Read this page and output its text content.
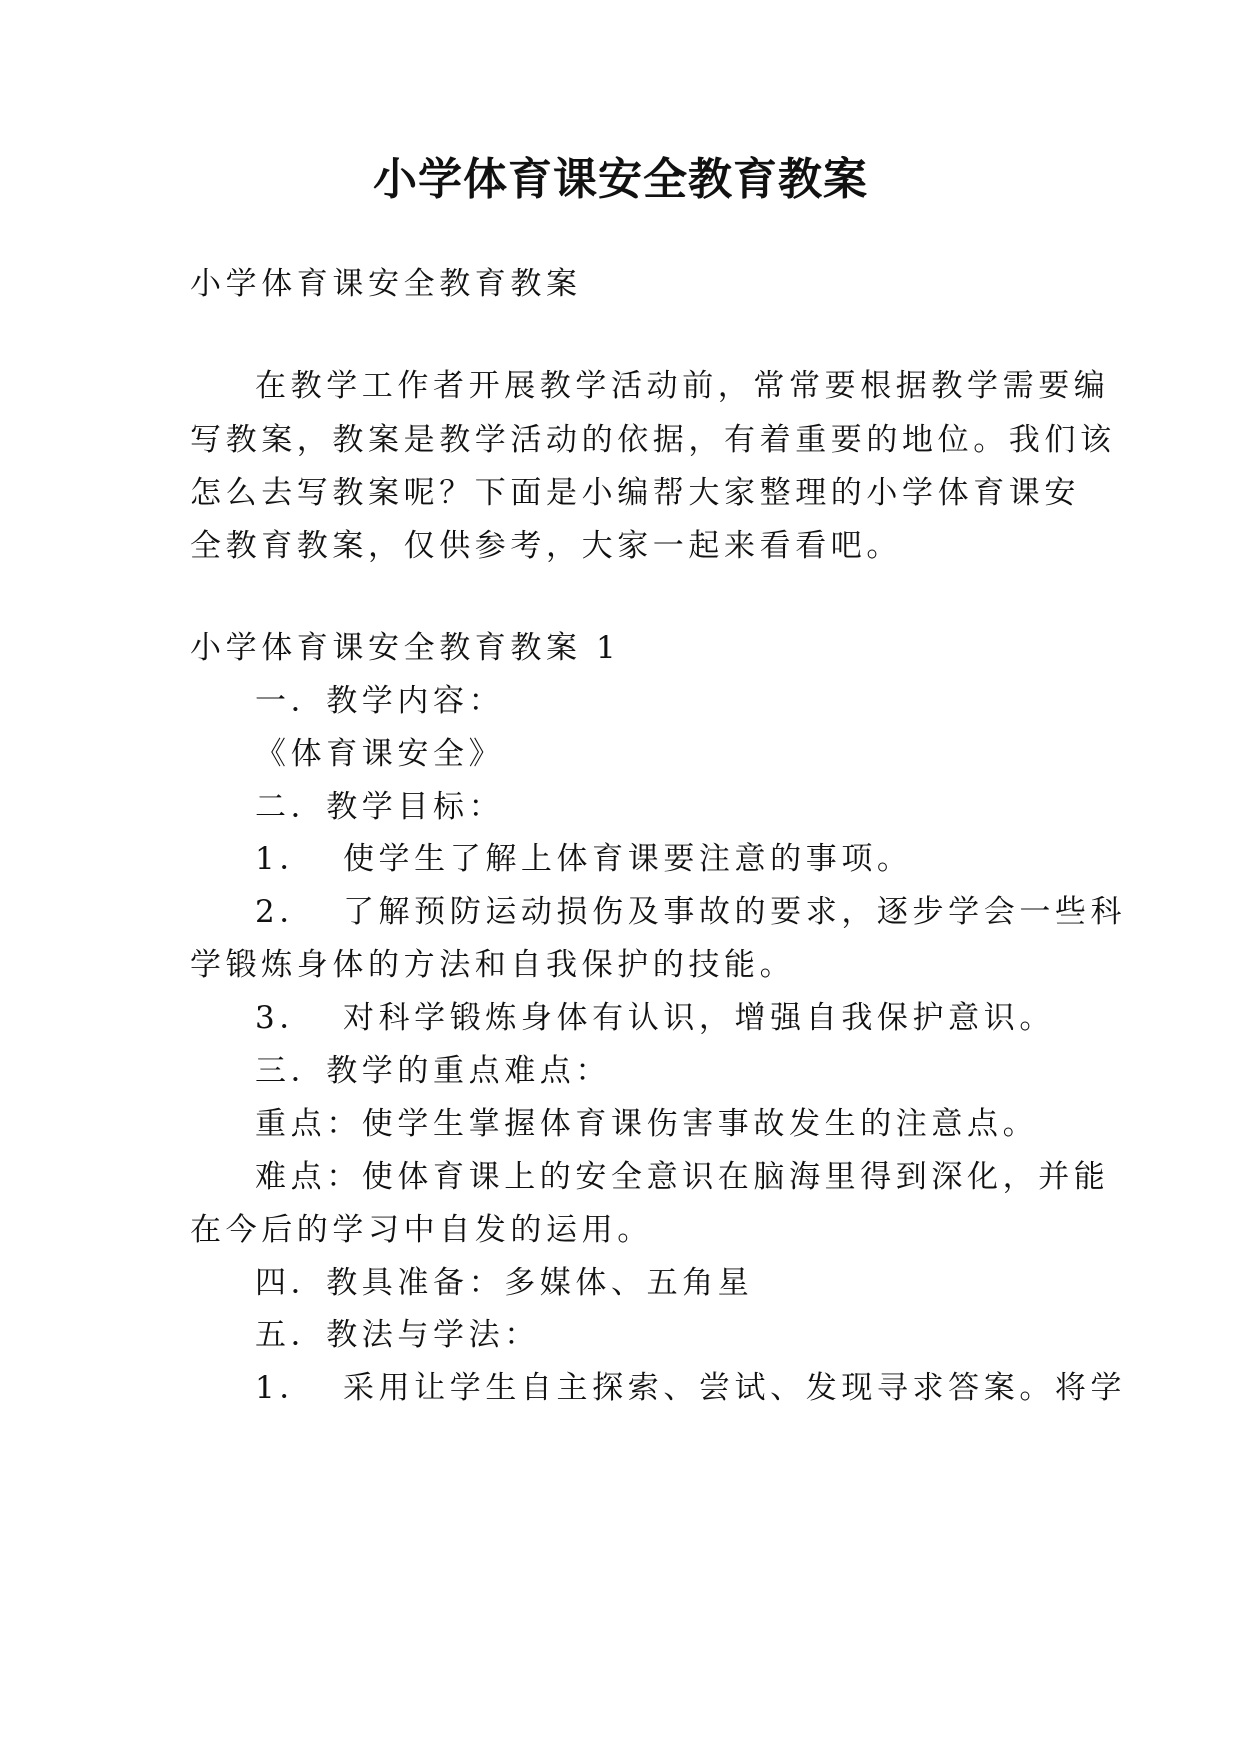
小学体育课安全教育教案
小学体育课安全教育教案
在教学工作者开展教学活动前，常常要根据教学需要编
写教案，教案是教学活动的依据，有着重要的地位。我们该
怎么去写教案呢？下面是小编帮大家整理的小学体育课安
全教育教案，仅供参考，大家一起来看看吧。
小学体育课安全教育教案 1
一．教学内容：
《体育课安全》
二．教学目标：
1． 使学生了解上体育课要注意的事项。
2． 了解预防运动损伤及事故的要求，逐步学会一些科
学锻炼身体的方法和自我保护的技能。
3． 对科学锻炼身体有认识，增强自我保护意识。
三．教学的重点难点：
重点：使学生掌握体育课伤害事故发生的注意点。
难点：使体育课上的安全意识在脑海里得到深化，并能
在今后的学习中自发的运用。
四．教具准备：多媒体、五角星
五．教法与学法：
1． 采用让学生自主探索、尝试、发现寻求答案。将学
